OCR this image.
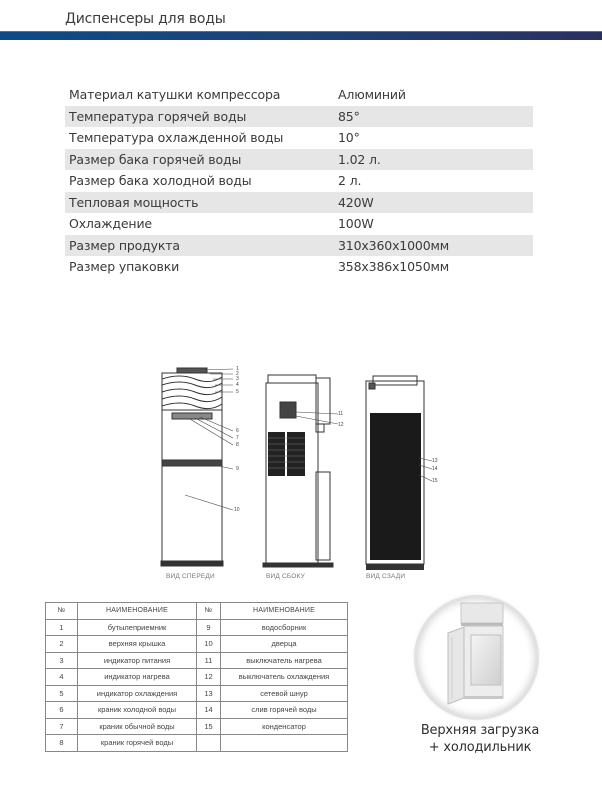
Диспенсеры для воды
Материал катушки компрессора	Алюминий
Температура горячей воды	85°
Температура охлажденной воды	10°
Размер бака горячей воды	1.02 л.
Размер бака холодной воды	2 л.
Тепловая мощность	420W
Охлаждение	100W
Размер продукта	310x360x1000мм
Размер упаковки	358x386x1050мм
1
2
3
4
5
6
7
8
9
10
ВИД СПЕРЕДИ
11
12
ВИД СБОКУ
13
14
15
ВИД СЗАДИ
№	НАИМЕНОВАНИЕ	№	НАИМЕНОВАНИЕ
1	бутылеприемник	9	водосборник
2	верхняя крышка	10	дверца
3	индикатор питания	11	выключатель нагрева
4	индикатор нагрева	12	выключатель охлаждения
5	индикатор охлаждения	13	сетевой шнур
6	краник холодной воды	14	слив горячей воды
7	краник обычной воды	15	конденсатор
8	краник горячей воды		
Верхняя загрузка
+ холодильник
